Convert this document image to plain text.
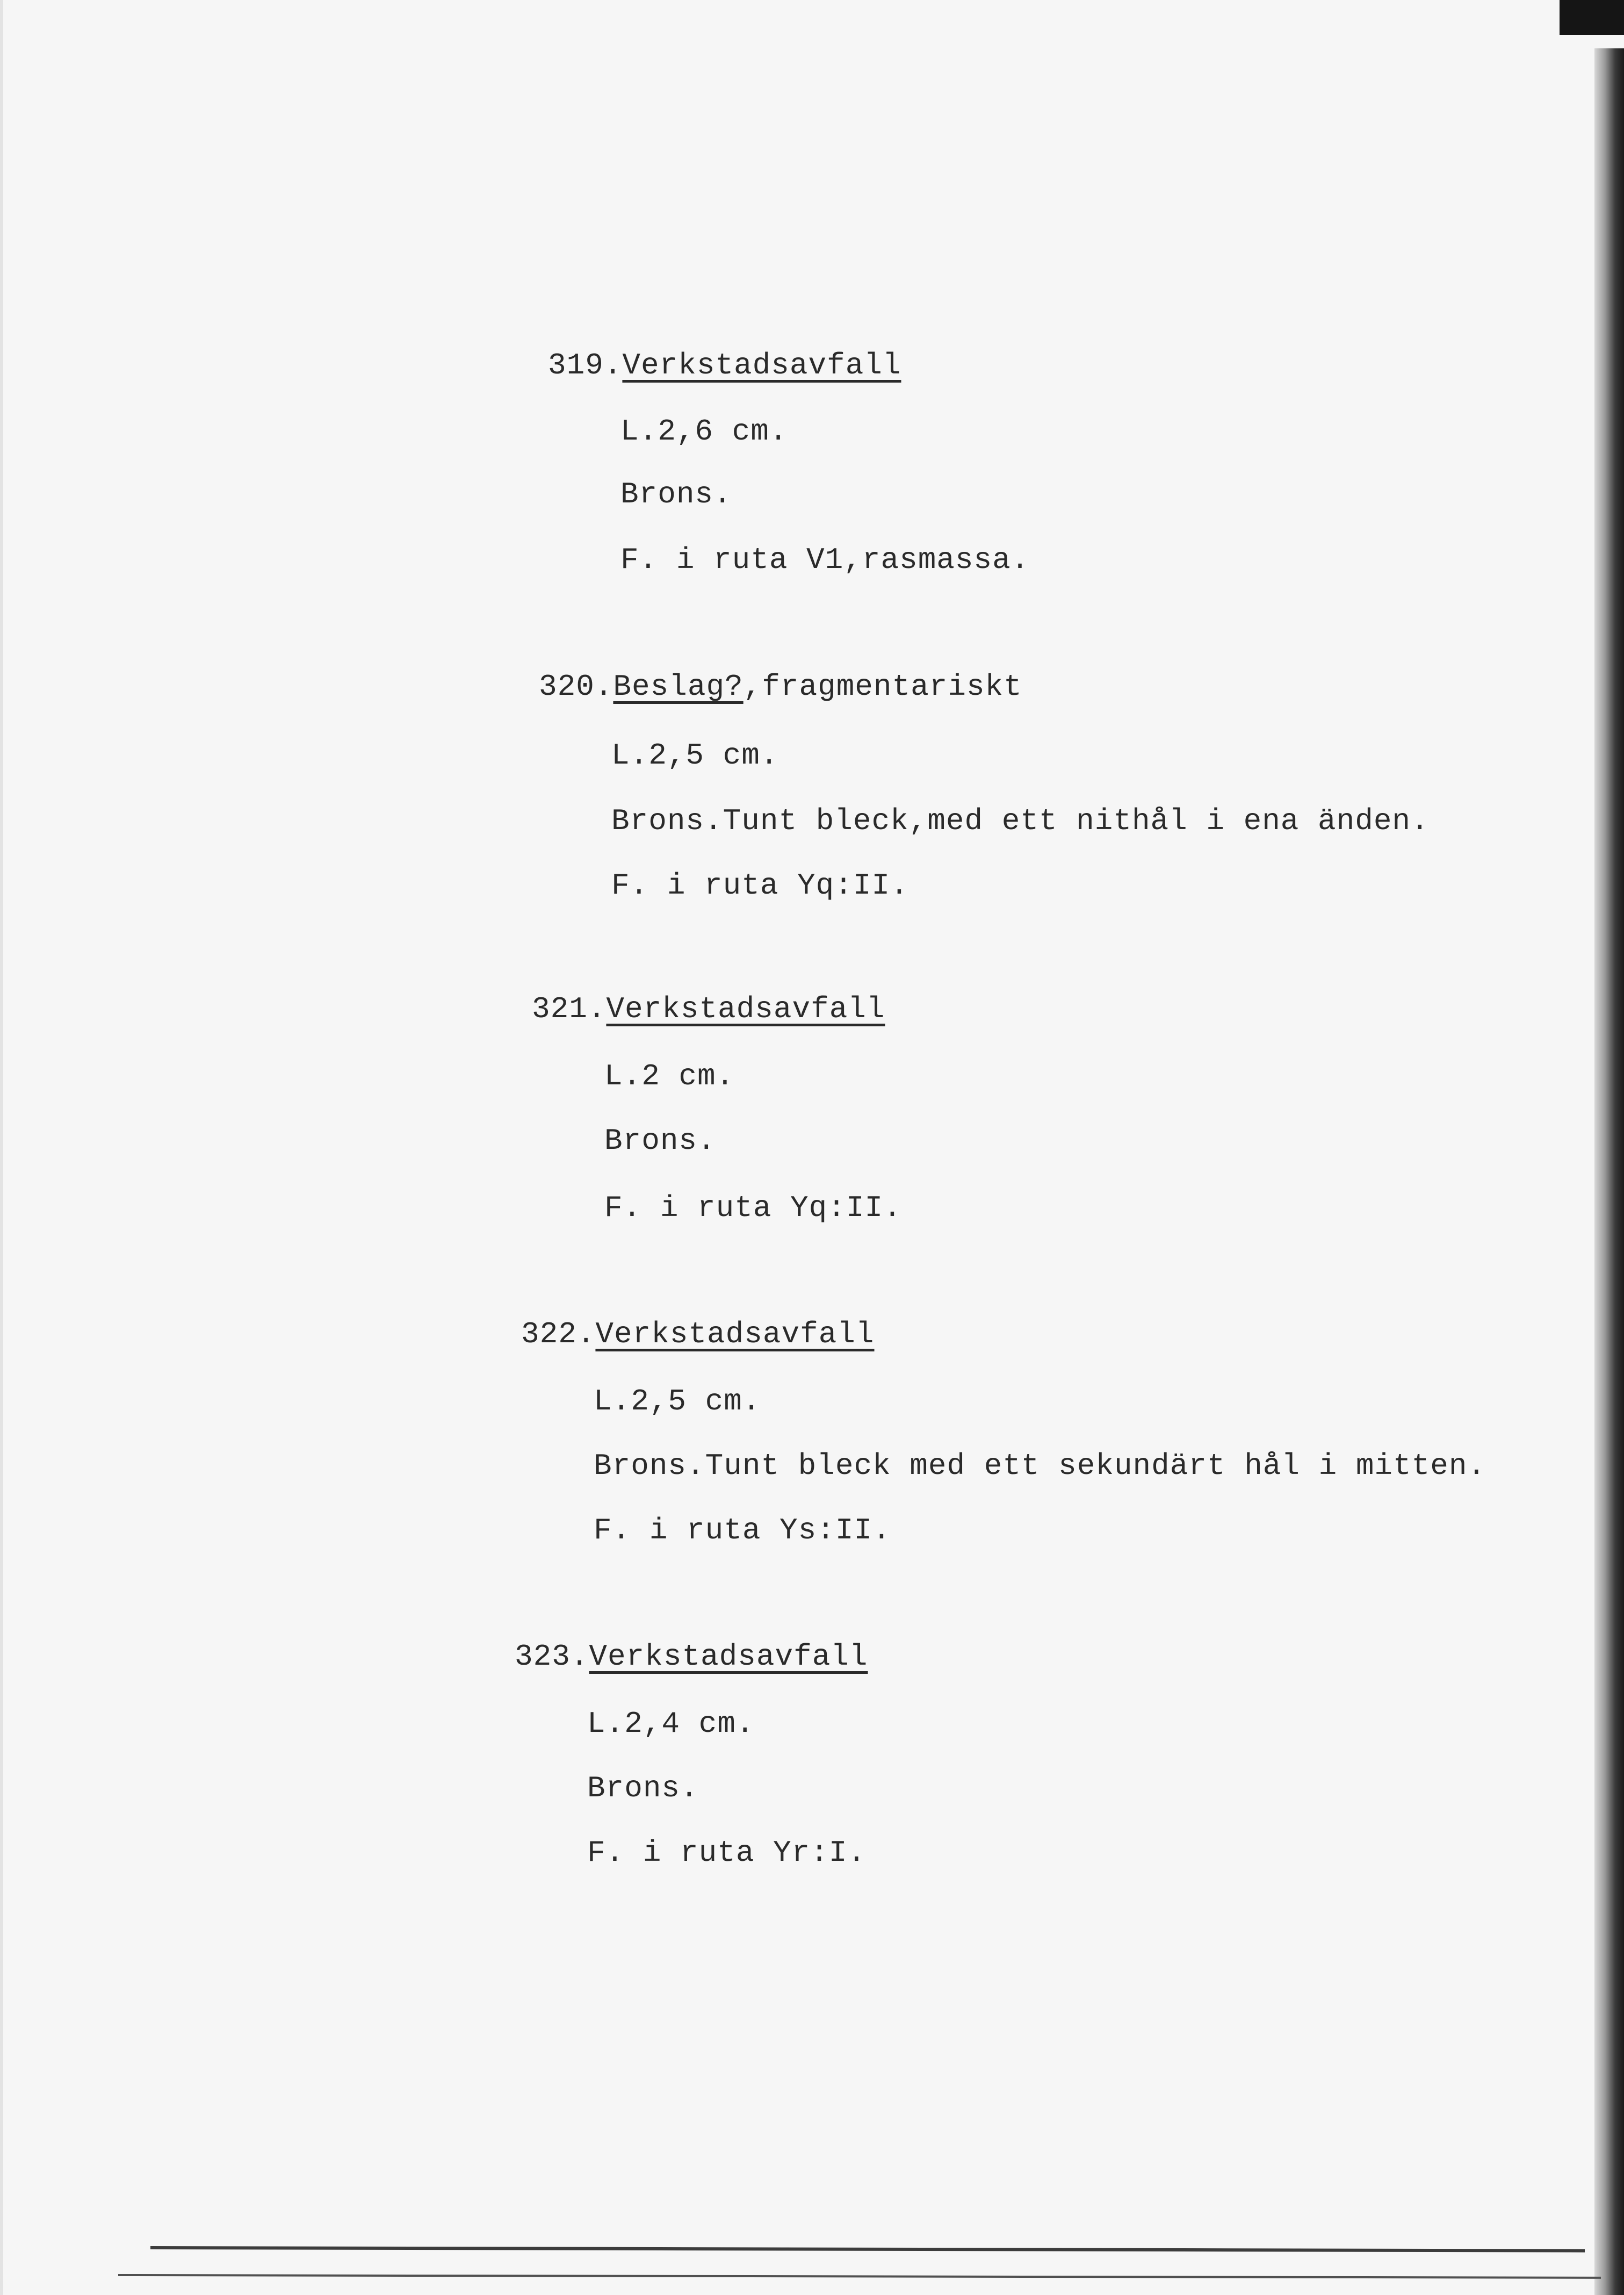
319.Verkstadsavfall
L.2,6 cm.
Brons.
F. i ruta V1,rasmassa.
320.Beslag?,fragmentariskt
L.2,5 cm.
Brons.Tunt bleck,med ett nithål i ena änden.
F. i ruta Yq:II.
321.Verkstadsavfall
L.2 cm.
Brons.
F. i ruta Yq:II.
322.Verkstadsavfall
L.2,5 cm.
Brons.Tunt bleck med ett sekundärt hål i mitten.
F. i ruta Ys:II.
323.Verkstadsavfall
L.2,4 cm.
Brons.
F. i ruta Yr:I.
